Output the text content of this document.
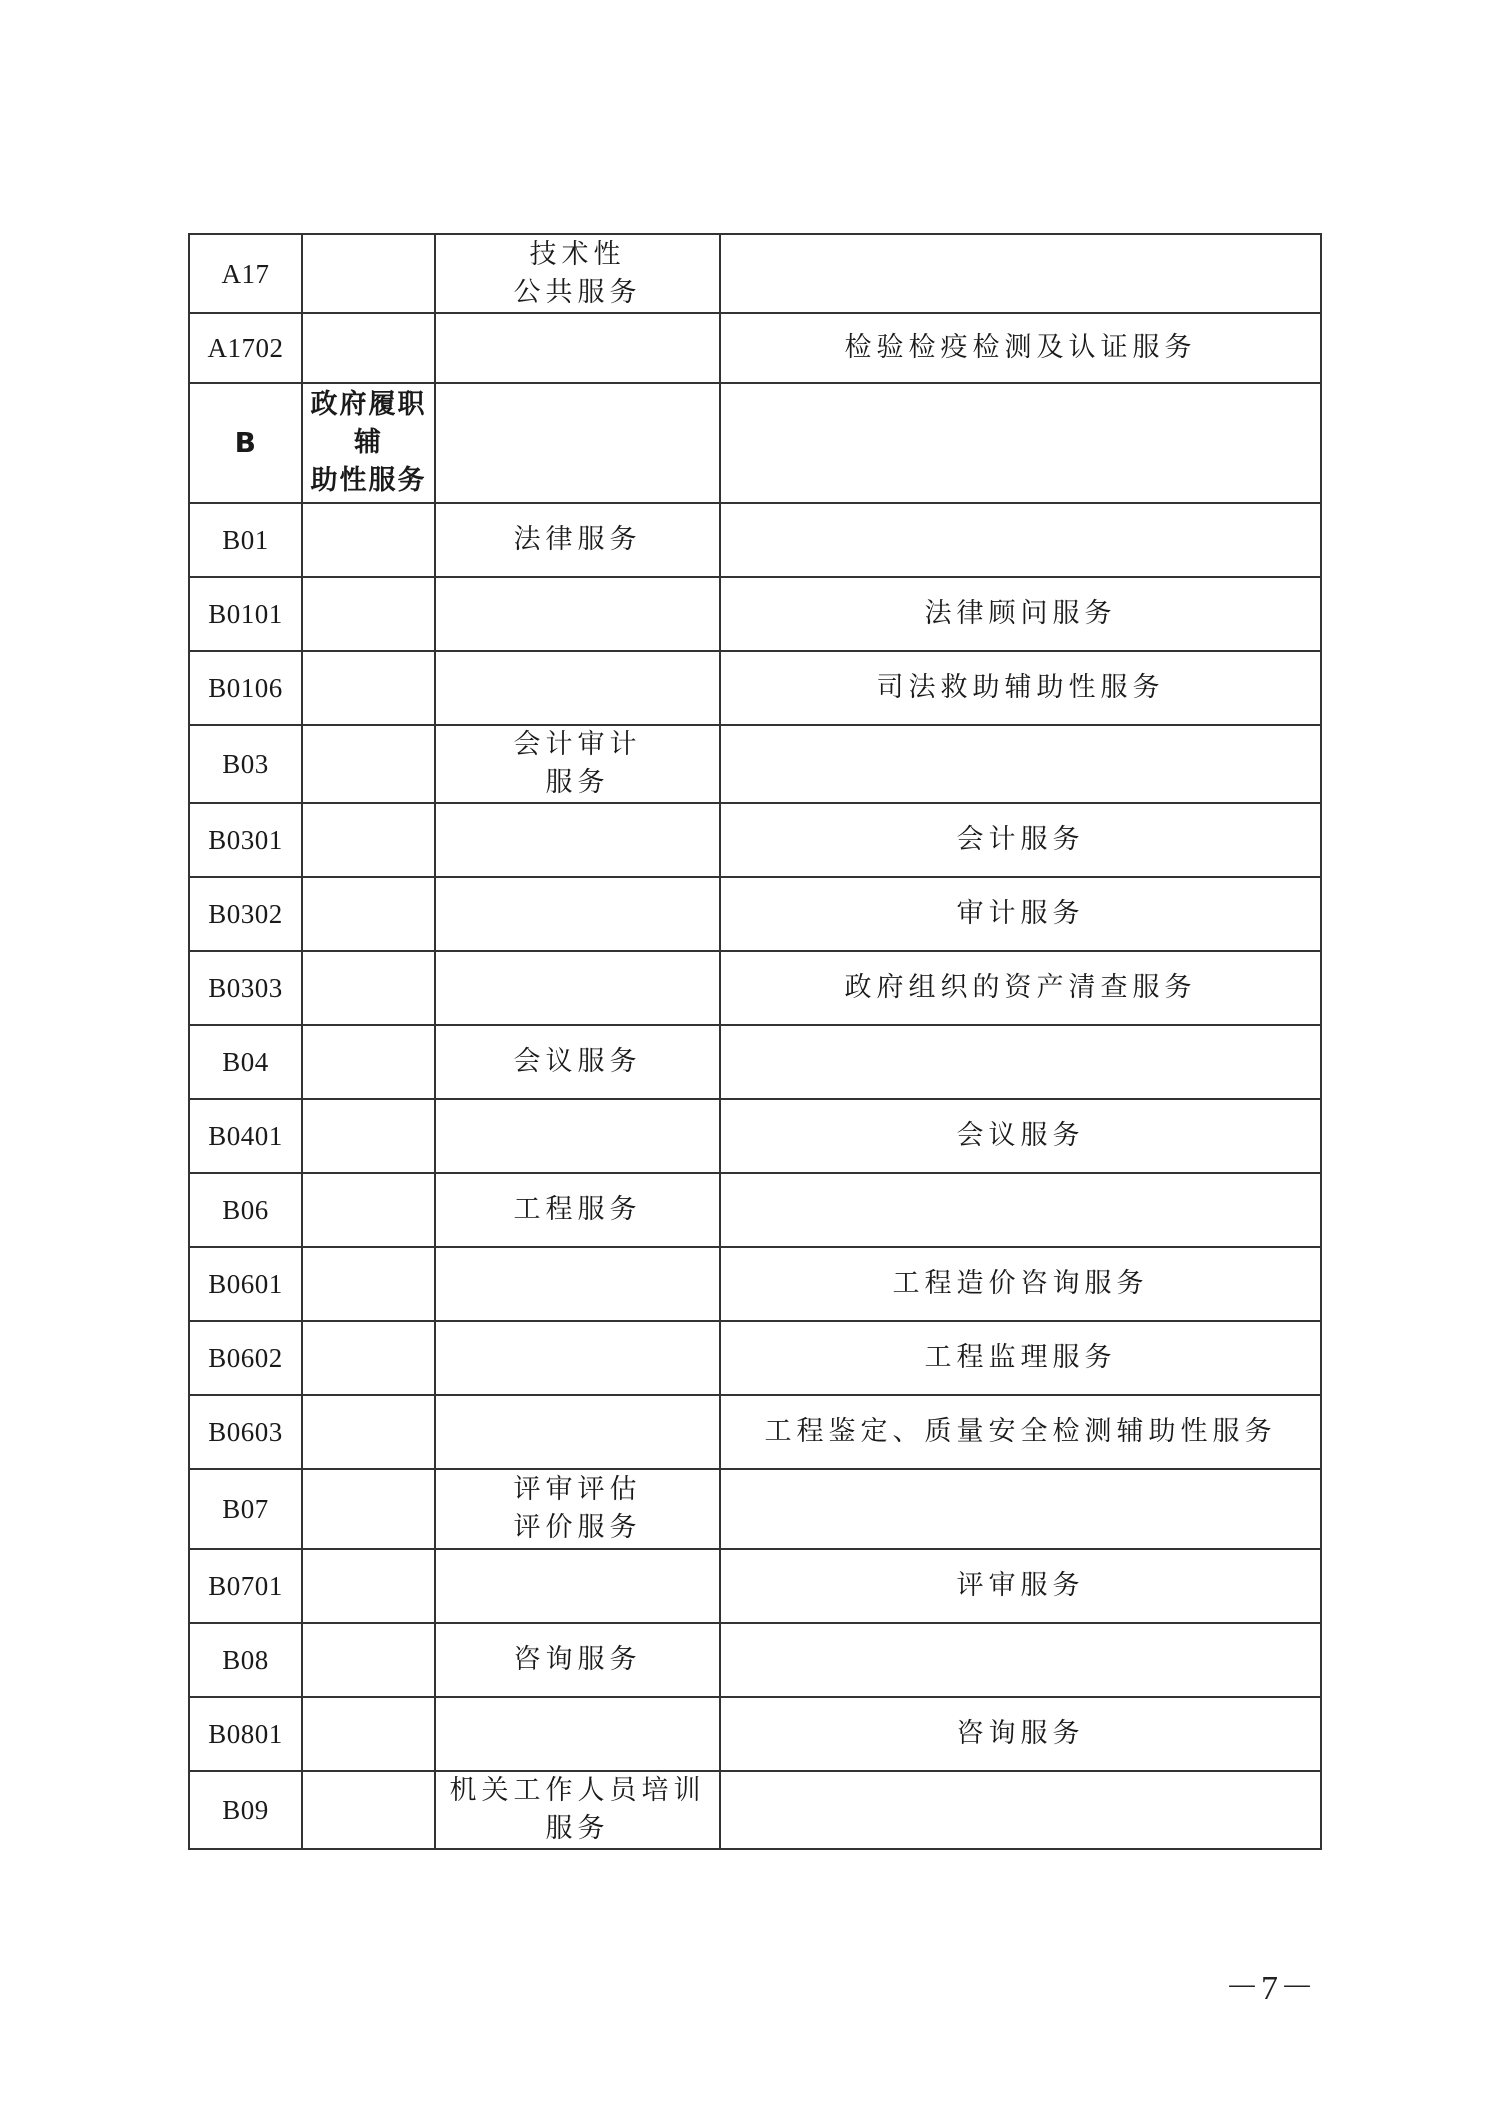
A17		技术性
公共服务	

A1702			检验检疫检测及认证服务
B	政府履职
辅
助性服务		

B01		法律服务	

B0101			法律顾问服务
B0106			司法救助辅助性服务
B03		会计审计
服务	

B0301			会计服务
B0302			审计服务
B0303			政府组织的资产清查服务
B04		会议服务	

B0401			会议服务
B06		工程服务	

B0601			工程造价咨询服务
B0602			工程监理服务
B0603			工程鉴定、质量安全检测辅助性服务
B07		评审评估
评价服务	

B0701			评审服务
B08		咨询服务	

B0801			咨询服务
B09		机关工作人员培训
服务	

－7－
